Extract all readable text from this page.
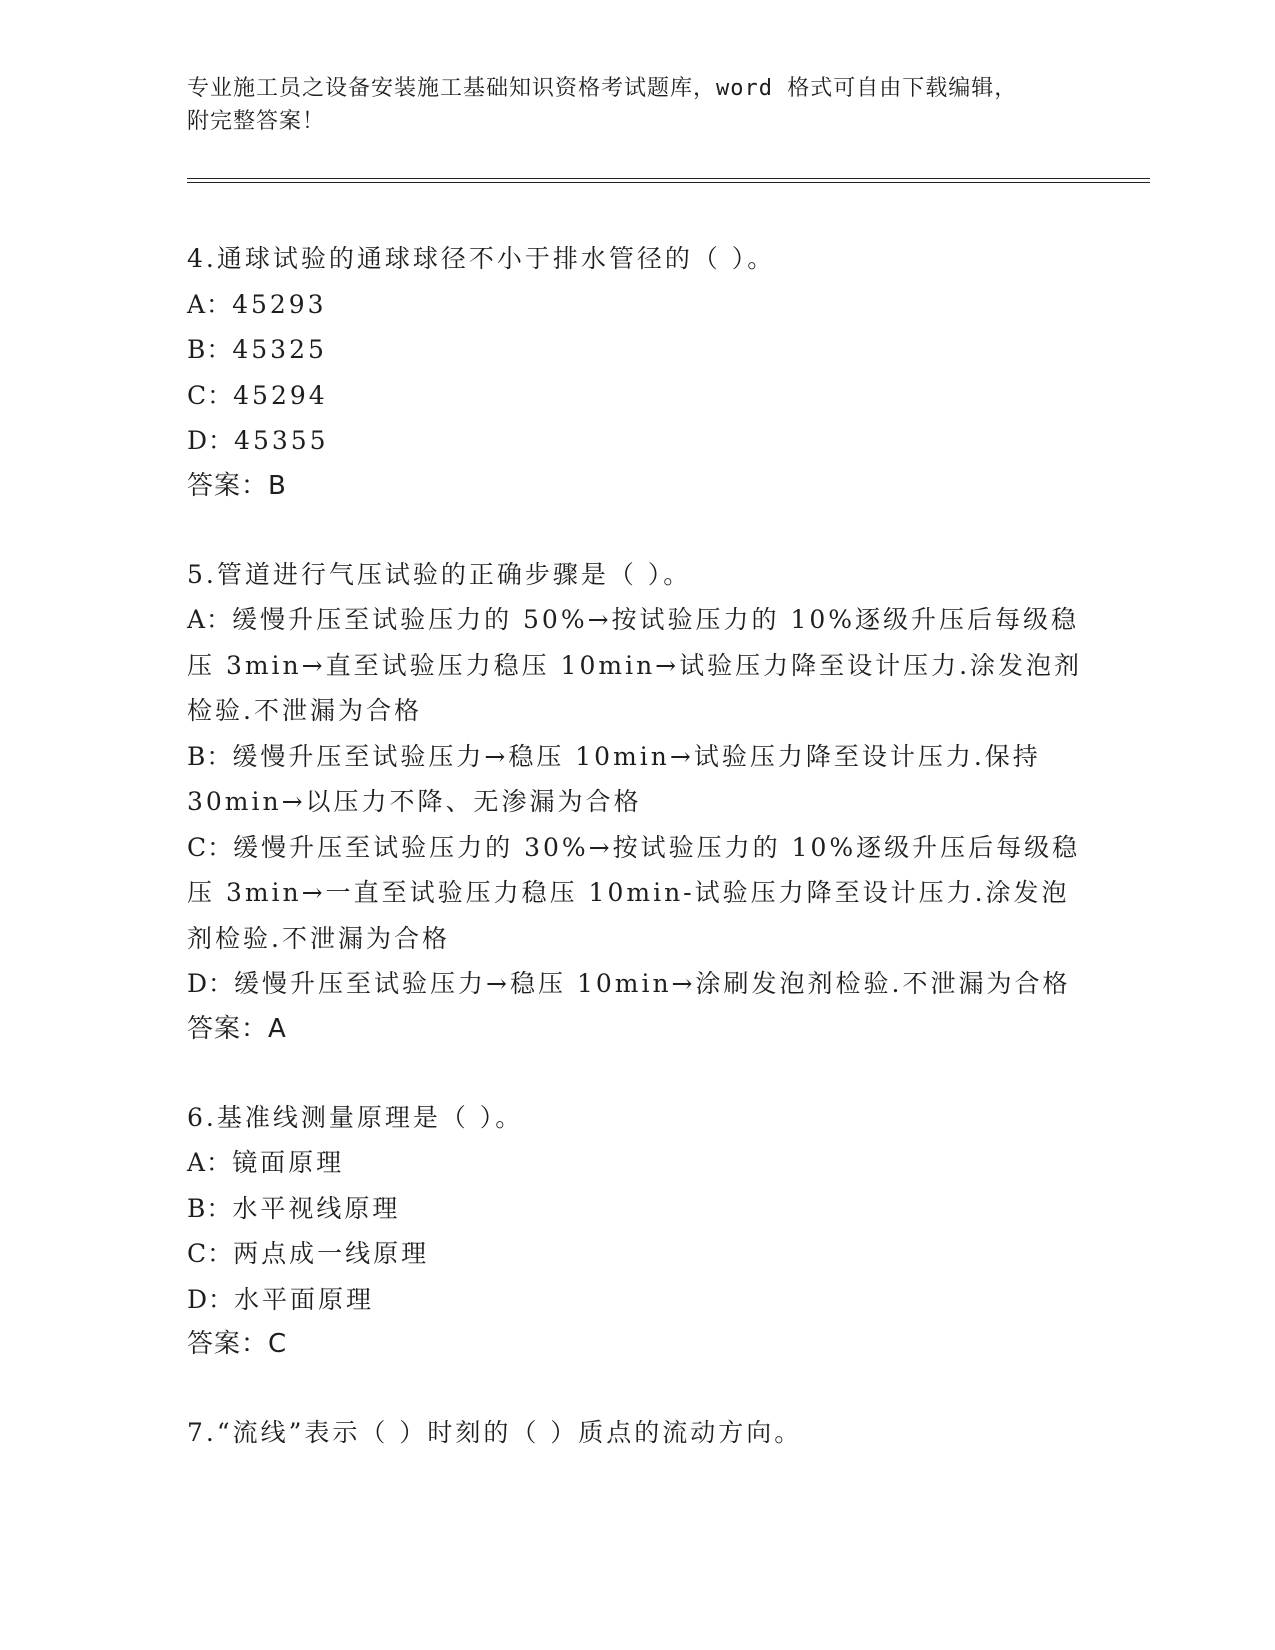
专业施工员之设备安装施工基础知识资格考试题库，word 格式可自由下载编辑，
附完整答案！
4.通球试验的通球球径不小于排水管径的（ ）。
A：45293
B：45325
C：45294
D：45355
答案：B
5.管道进行气压试验的正确步骤是（ ）。
A：缓慢升压至试验压力的 50%→按试验压力的 10%逐级升压后每级稳
压 3min→直至试验压力稳压 10min→试验压力降至设计压力.涂发泡剂
检验.不泄漏为合格
B：缓慢升压至试验压力→稳压 10min→试验压力降至设计压力.保持
30min→以压力不降、无渗漏为合格
C：缓慢升压至试验压力的 30%→按试验压力的 10%逐级升压后每级稳
压 3min→一直至试验压力稳压 10min-试验压力降至设计压力.涂发泡
剂检验.不泄漏为合格
D：缓慢升压至试验压力→稳压 10min→涂刷发泡剂检验.不泄漏为合格
答案：A
6.基准线测量原理是（ ）。
A：镜面原理
B：水平视线原理
C：两点成一线原理
D：水平面原理
答案：C
7.“流线”表示（ ）时刻的（ ）质点的流动方向。
